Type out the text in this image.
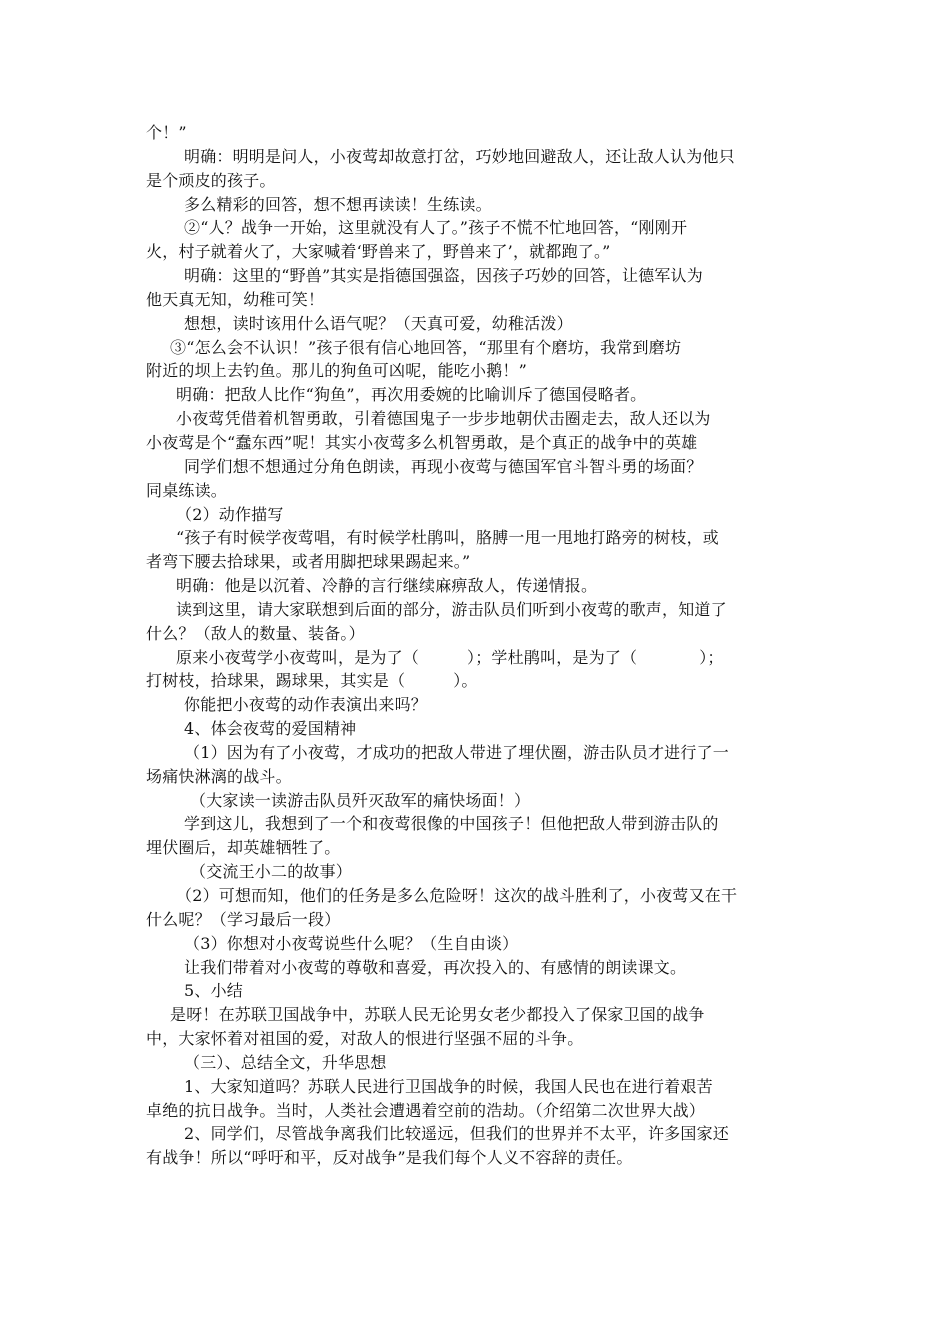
个！”
明确：明明是问人，小夜莺却故意打岔，巧妙地回避敌人，还让敌人认为他只
是个顽皮的孩子。
多么精彩的回答，想不想再读读！生练读。
②“人？战争一开始，这里就没有人了。”孩子不慌不忙地回答，“刚刚开
火，村子就着火了，大家喊着‘野兽来了，野兽来了’，就都跑了。”
明确：这里的“野兽”其实是指德国强盗，因孩子巧妙的回答，让德军认为
他天真无知，幼稚可笑！
想想，读时该用什么语气呢？（天真可爱，幼稚活泼）
③“怎么会不认识！”孩子很有信心地回答，“那里有个磨坊，我常到磨坊
附近的坝上去钓鱼。那儿的狗鱼可凶呢，能吃小鹅！”
明确：把敌人比作“狗鱼”，再次用委婉的比喻训斥了德国侵略者。
小夜莺凭借着机智勇敢，引着德国鬼子一步步地朝伏击圈走去，敌人还以为
小夜莺是个“蠢东西”呢！其实小夜莺多么机智勇敢，是个真正的战争中的英雄
同学们想不想通过分角色朗读，再现小夜莺与德国军官斗智斗勇的场面？
同桌练读。
（2）动作描写
“孩子有时候学夜莺唱，有时候学杜鹃叫，胳膊一甩一甩地打路旁的树枝，或
者弯下腰去拾球果，或者用脚把球果踢起来。”
明确：他是以沉着、冷静的言行继续麻痹敌人，传递情报。
读到这里，请大家联想到后面的部分，游击队员们听到小夜莺的歌声，知道了
什么？（敌人的数量、装备。）
原来小夜莺学小夜莺叫，是为了（	）；学杜鹃叫，是为了（	）；
打树枝，拾球果，踢球果，其实是（	）。
你能把小夜莺的动作表演出来吗？
4、体会夜莺的爱国精神
（1）因为有了小夜莺，才成功的把敌人带进了埋伏圈，游击队员才进行了一
场痛快淋漓的战斗。
（大家读一读游击队员歼灭敌军的痛快场面！）
学到这儿，我想到了一个和夜莺很像的中国孩子！但他把敌人带到游击队的
埋伏圈后，却英雄牺牲了。
（交流王小二的故事）
（2）可想而知，他们的任务是多么危险呀！这次的战斗胜利了，小夜莺又在干
什么呢？（学习最后一段）
（3）你想对小夜莺说些什么呢？（生自由谈）
让我们带着对小夜莺的尊敬和喜爱，再次投入的、有感情的朗读课文。
5、小结
是呀！在苏联卫国战争中，苏联人民无论男女老少都投入了保家卫国的战争
中，大家怀着对祖国的爱，对敌人的恨进行坚强不屈的斗争。
（三）、总结全文，升华思想
1、大家知道吗？苏联人民进行卫国战争的时候，我国人民也在进行着艰苦
卓绝的抗日战争。当时，人类社会遭遇着空前的浩劫。（介绍第二次世界大战）
2、同学们，尽管战争离我们比较遥远，但我们的世界并不太平，许多国家还
有战争！所以“呼吁和平，反对战争”是我们每个人义不容辞的责任。
